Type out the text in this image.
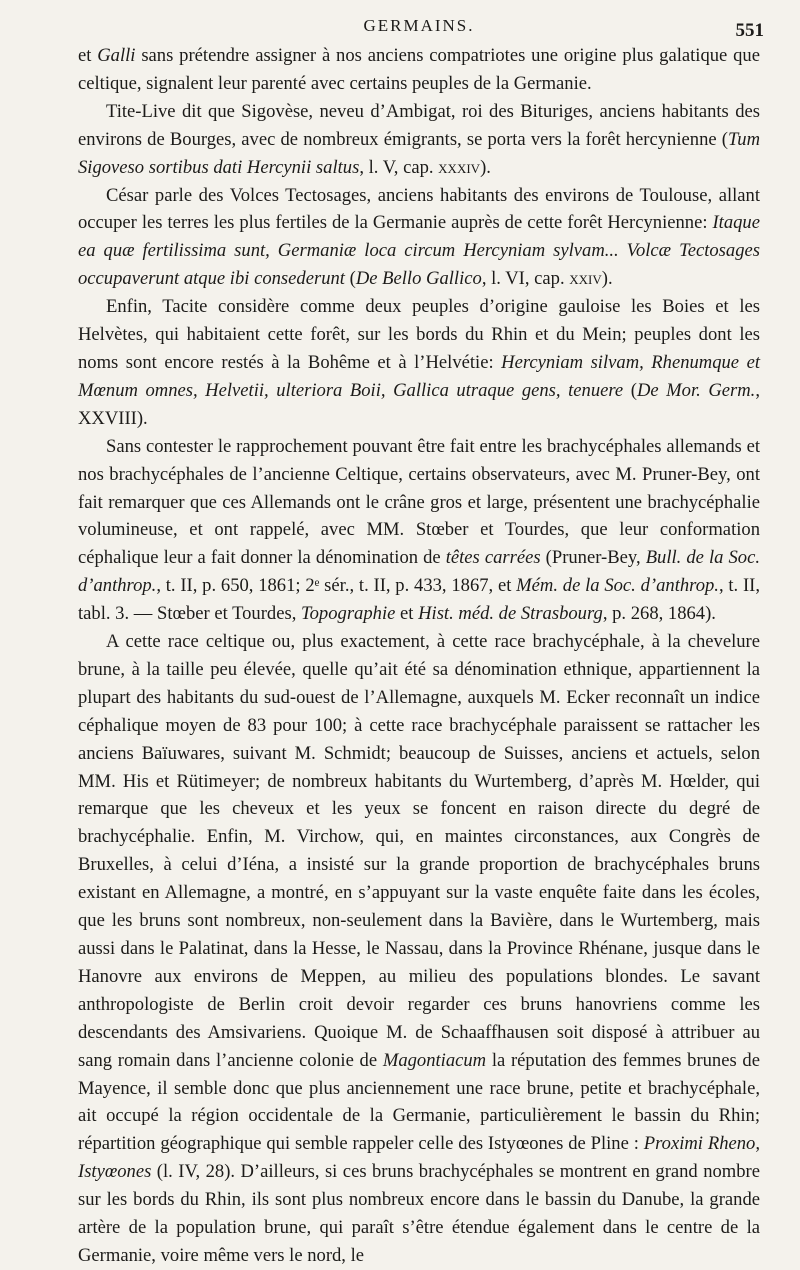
GERMAINS.	551

et Galli sans prétendre assigner à nos anciens compatriotes une origine plus galatique que celtique, signalent leur parenté avec certains peuples de la Germanie.

Tite-Live dit que Sigovèse, neveu d’Ambigat, roi des Bituriges, anciens habitants des environs de Bourges, avec de nombreux émigrants, se porta vers la forêt hercynienne (Tum Sigoveso sortibus dati Hercynii saltus, l. V, cap. xxxiv).

César parle des Volces Tectosages, anciens habitants des environs de Toulouse, allant occuper les terres les plus fertiles de la Germanie auprès de cette forêt Hercynienne: Itaque ea quæ fertilissima sunt, Germaniæ loca circum Hercyniam sylvam... Volcæ Tectosages occupaverunt atque ibi consederunt (De Bello Gallico, l. VI, cap. xxiv).

Enfin, Tacite considère comme deux peuples d’origine gauloise les Boies et les Helvètes, qui habitaient cette forêt, sur les bords du Rhin et du Mein; peuples dont les noms sont encore restés à la Bohême et à l’Helvétie: Hercyniam silvam, Rhenumque et Mœnum omnes, Helvetii, ulteriora Boii, Gallica utraque gens, tenuere (De Mor. Germ., XXVIII).

Sans contester le rapprochement pouvant être fait entre les brachycéphales allemands et nos brachycéphales de l’ancienne Celtique, certains observateurs, avec M. Pruner-Bey, ont fait remarquer que ces Allemands ont le crâne gros et large, présentent une brachycéphalie volumineuse, et ont rappelé, avec MM. Stœber et Tourdes, que leur conformation céphalique leur a fait donner la dénomination de têtes carrées (Pruner-Bey, Bull. de la Soc. d’anthrop., t. II, p. 650, 1861; 2ᵉ sér., t. II, p. 433, 1867, et Mém. de la Soc. d’anthrop., t. II, tabl. 3. — Stœber et Tourdes, Topographie et Hist. méd. de Strasbourg, p. 268, 1864).

A cette race celtique ou, plus exactement, à cette race brachycéphale, à la chevelure brune, à la taille peu élevée, quelle qu’ait été sa dénomination ethnique, appartiennent la plupart des habitants du sud-ouest de l’Allemagne, auxquels M. Ecker reconnaît un indice céphalique moyen de 83 pour 100; à cette race brachycéphale paraissent se rattacher les anciens Baïuwares, suivant M. Schmidt; beaucoup de Suisses, anciens et actuels, selon MM. His et Rütimeyer; de nombreux habitants du Wurtemberg, d’après M. Hœlder, qui remarque que les cheveux et les yeux se foncent en raison directe du degré de brachycéphalie. Enfin, M. Virchow, qui, en maintes circonstances, aux Congrès de Bruxelles, à celui d’Iéna, a insisté sur la grande proportion de brachycéphales bruns existant en Allemagne, a montré, en s’appuyant sur la vaste enquête faite dans les écoles, que les bruns sont nombreux, non-seulement dans la Bavière, dans le Wurtemberg, mais aussi dans le Palatinat, dans la Hesse, le Nassau, dans la Province Rhénane, jusque dans le Hanovre aux environs de Meppen, au milieu des populations blondes. Le savant anthropologiste de Berlin croit devoir regarder ces bruns hanovriens comme les descendants des Amsivariens. Quoique M. de Schaaffhausen soit disposé à attribuer au sang romain dans l’ancienne colonie de Magontiacum la réputation des femmes brunes de Mayence, il semble donc que plus anciennement une race brune, petite et brachycéphale, ait occupé la région occidentale de la Germanie, particulièrement le bassin du Rhin; répartition géographique qui semble rappeler celle des Istyœones de Pline : Proximi Rheno, Istyœones (l. IV, 28). D’ailleurs, si ces bruns brachycéphales se montrent en grand nombre sur les bords du Rhin, ils sont plus nombreux encore dans le bassin du Danube, la grande artère de la population brune, qui paraît s’être étendue également dans le centre de la Germanie, voire même vers le nord, le
